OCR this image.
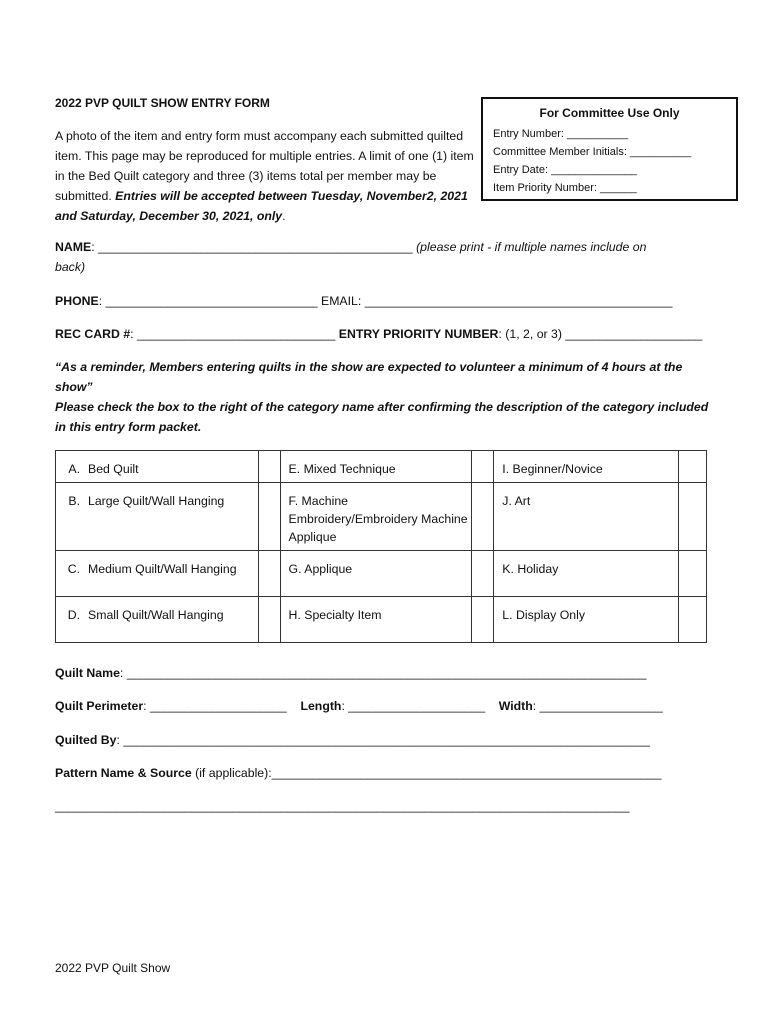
2022 PVP QUILT SHOW ENTRY FORM
A photo of the item and entry form must accompany each submitted quilted item. This page may be reproduced for multiple entries. A limit of one (1) item in the Bed Quilt category and three (3) items total per member may be submitted. Entries will be accepted between Tuesday, November2, 2021 and Saturday, December 30, 2021, only.
For Committee Use Only
Entry Number: __________
Committee Member Initials: __________
Entry Date: ______________
Item Priority Number: ______
NAME: ______________________________________________ (please print - if multiple names include on
back)
PHONE: _______________________________ EMAIL: _____________________________________________
REC CARD #: _____________________________ ENTRY PRIORITY NUMBER: (1, 2, or 3) ____________________
“As a reminder, Members entering quilts in the show are expected to volunteer a minimum of 4 hours at the show”
Please check the box to the right of the category name after confirming the description of the category included in this entry form packet.
A. Bed Quilt		E. Mixed Technique		I. Beginner/Novice	

B. Large Quilt/Wall Hanging		F. Machine Embroidery/Embroidery Machine Applique		J. Art	

C. Medium Quilt/Wall Hanging		G. Applique		K. Holiday	

D. Small Quilt/Wall Hanging		H. Specialty Item		L. Display Only	
Quilt Name: ____________________________________________________________________________
Quilt Perimeter: ____________________ Length: ____________________ Width: __________________
Quilted By: _____________________________________________________________________________
Pattern Name & Source (if applicable):_________________________________________________________
____________________________________________________________________________________
2022 PVP Quilt Show
